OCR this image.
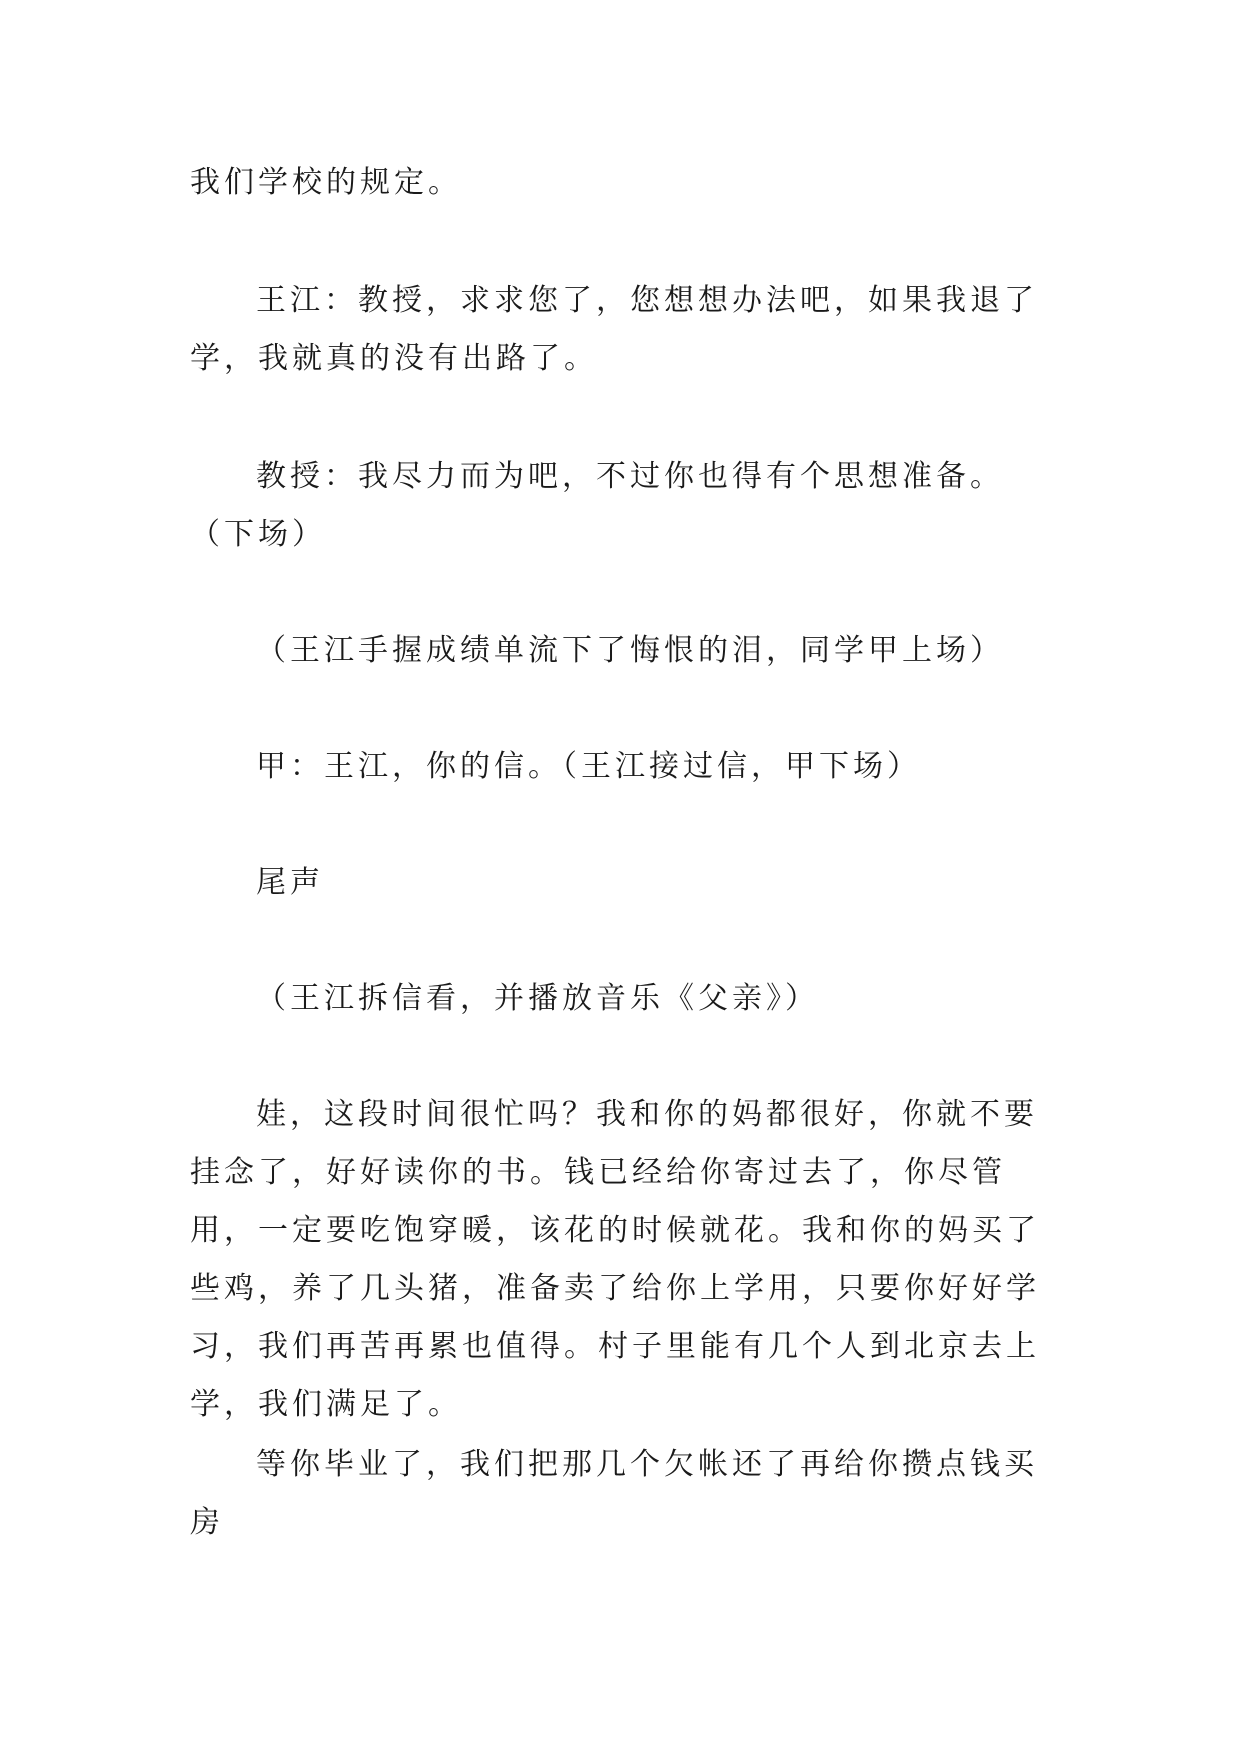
我们学校的规定。

王江：教授，求求您了，您想想办法吧，如果我退了学，我就真的没有出路了。

教授：我尽力而为吧，不过你也得有个思想准备。（下场）

（王江手握成绩单流下了悔恨的泪，同学甲上场）

甲：王江，你的信。（王江接过信，甲下场）

尾声

（王江拆信看，并播放音乐《父亲》）

娃，这段时间很忙吗？我和你的妈都很好，你就不要挂念了，好好读你的书。钱已经给你寄过去了，你尽管用，一定要吃饱穿暖，该花的时候就花。我和你的妈买了些鸡，养了几头猪，准备卖了给你上学用，只要你好好学习，我们再苦再累也值得。村子里能有几个人到北京去上学，我们满足了。

等你毕业了，我们把那几个欠帐还了再给你攒点钱买房
